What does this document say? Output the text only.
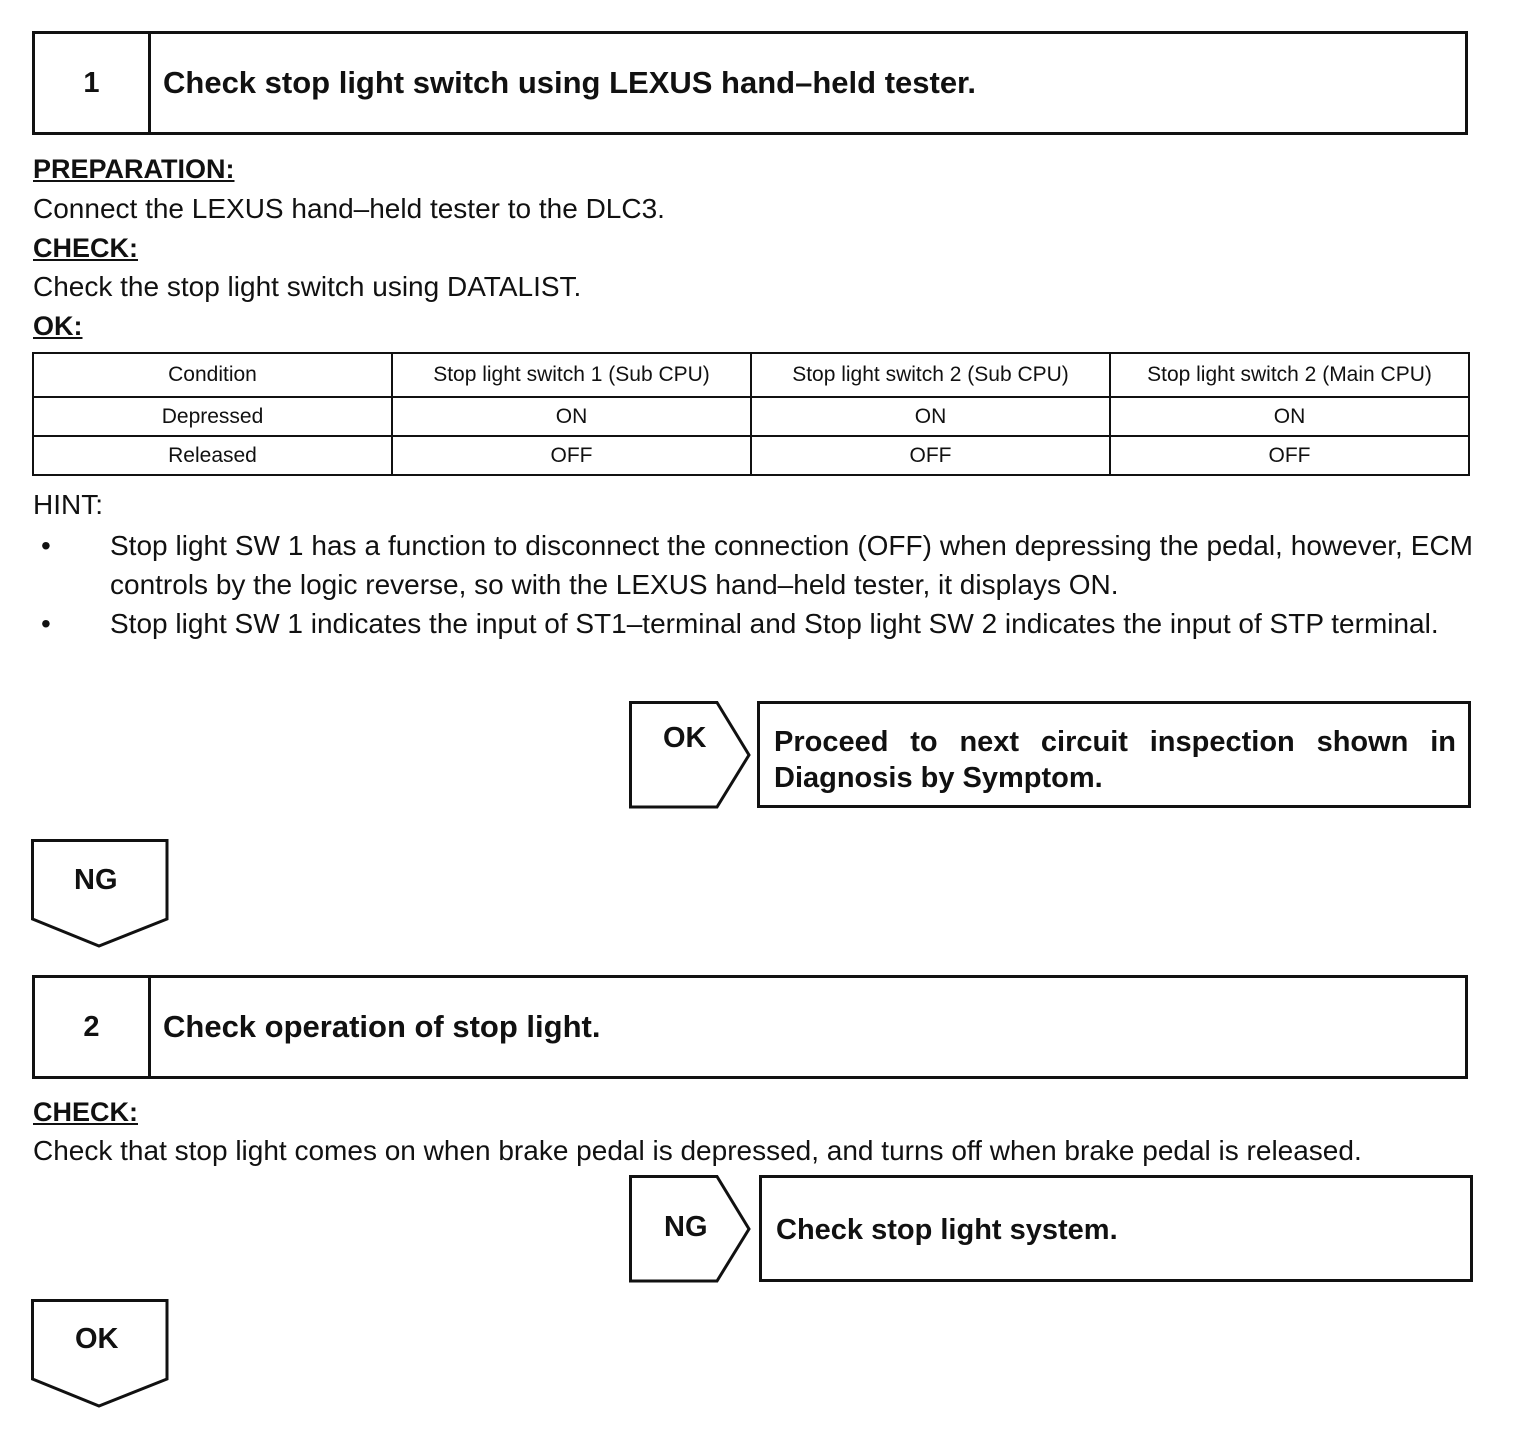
1	Check stop light switch using LEXUS hand–held tester.
PREPARATION:
Connect the LEXUS hand–held tester to the DLC3.
CHECK:
Check the stop light switch using DATALIST.
OK:
Condition	Stop light switch 1 (Sub CPU)	Stop light switch 2 (Sub CPU)	Stop light switch 2 (Main CPU)
Depressed	ON	ON	ON
Released	OFF	OFF	OFF
HINT:
• Stop light SW 1 has a function to disconnect the connection (OFF) when depressing the pedal, however, ECM controls by the logic reverse, so with the LEXUS hand–held tester, it displays ON.
• Stop light SW 1 indicates the input of ST1–terminal and Stop light SW 2 indicates the input of STP terminal.
OK	Proceed to next circuit inspection shown in Diagnosis by Symptom.
NG
2	Check operation of stop light.
CHECK:
Check that stop light comes on when brake pedal is depressed, and turns off when brake pedal is released.
NG	Check stop light system.
OK
